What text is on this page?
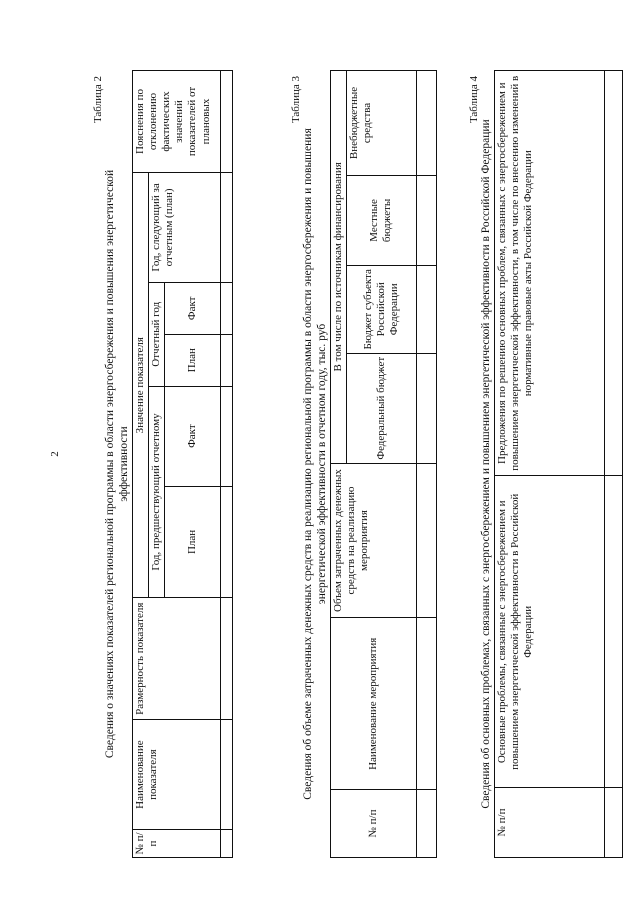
2
Таблица 2
Сведения о значениях показателей региональной программы в области энергосбережения и повышения энергетической эффективности
№ п/п	Наименование показателя	Размерность показателя	Значение показателя					Пояснения по отклонению фактических значений показателей от плановых
			Год, предшествующий отчетному		Отчетный год		Год, следующий за отчетным (план)	
			План	Факт	План	Факт		

Таблица 3
Сведения об объеме затраченных денежных средств на реализацию региональной программы в области энергосбережения и повышения энергетической эффективности в отчетном году, тыс. руб
№ п/п	Наименование мероприятия	Объем затраченных денежных средств на реализацию мероприятия	В том числе по источникам финансирования			
			Федеральный бюджет	Бюджет субъекта Российской Федерации	Местные бюджеты	Внебюджетные средства
							Таблица 4
Сведения об основных проблемах, связанных с энергосбережением и повышением энергетической эффективности в Российской Федерации
№ п/п	Основные проблемы, связанные с энергосбережением и повышением энергетической эффективности в Российской Федерации	Предложения по решению основных проблем, связанных с энергосбережением и повышением энергетической эффективности, в том числе по внесению изменений в нормативные правовые акты Российской Федерации
